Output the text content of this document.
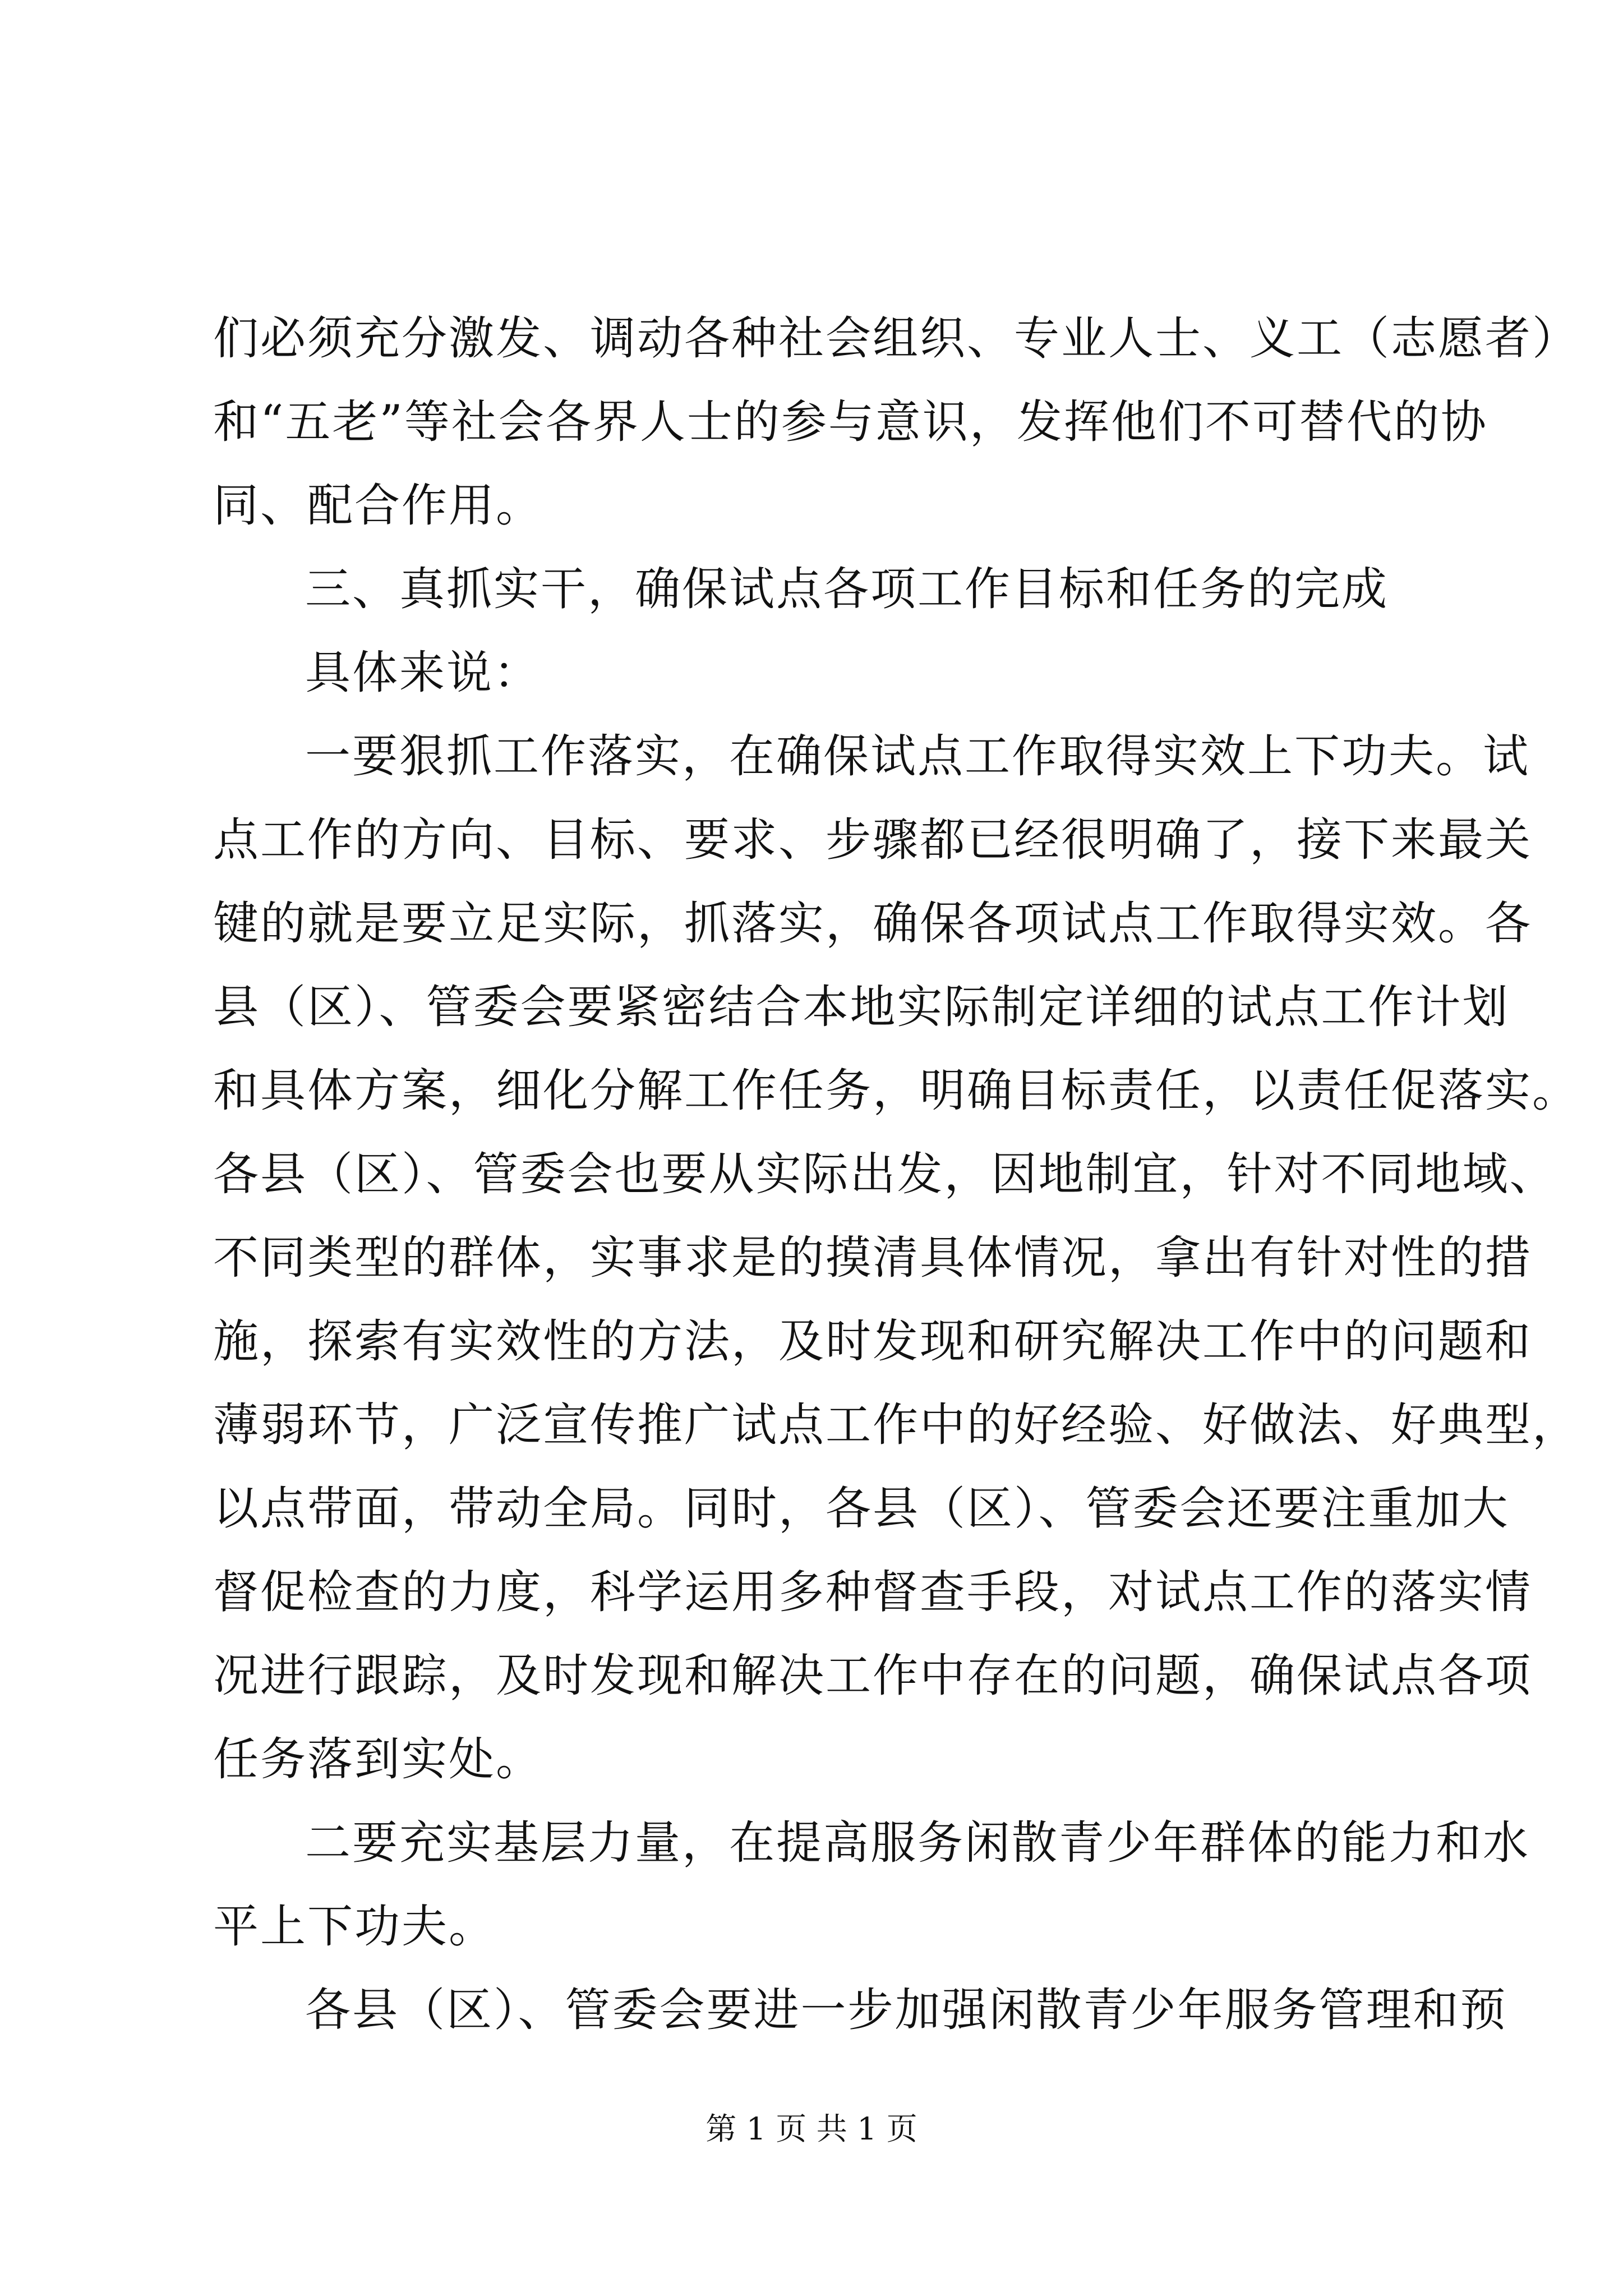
们必须充分激发、调动各种社会组织、专业人士、义工（志愿者）
和“五老”等社会各界人士的参与意识，发挥他们不可替代的协
同、配合作用。
三、真抓实干，确保试点各项工作目标和任务的完成
具体来说：
一要狠抓工作落实，在确保试点工作取得实效上下功夫。试
点工作的方向、目标、要求、步骤都已经很明确了，接下来最关
键的就是要立足实际，抓落实，确保各项试点工作取得实效。各
县（区）、管委会要紧密结合本地实际制定详细的试点工作计划
和具体方案，细化分解工作任务，明确目标责任，以责任促落实。
各县（区）、管委会也要从实际出发，因地制宜，针对不同地域、
不同类型的群体，实事求是的摸清具体情况，拿出有针对性的措
施，探索有实效性的方法，及时发现和研究解决工作中的问题和
薄弱环节，广泛宣传推广试点工作中的好经验、好做法、好典型，
以点带面，带动全局。同时，各县（区）、管委会还要注重加大
督促检查的力度，科学运用多种督查手段，对试点工作的落实情
况进行跟踪，及时发现和解决工作中存在的问题，确保试点各项
任务落到实处。
二要充实基层力量，在提高服务闲散青少年群体的能力和水
平上下功夫。
各县（区）、管委会要进一步加强闲散青少年服务管理和预
第 1 页 共 1 页
